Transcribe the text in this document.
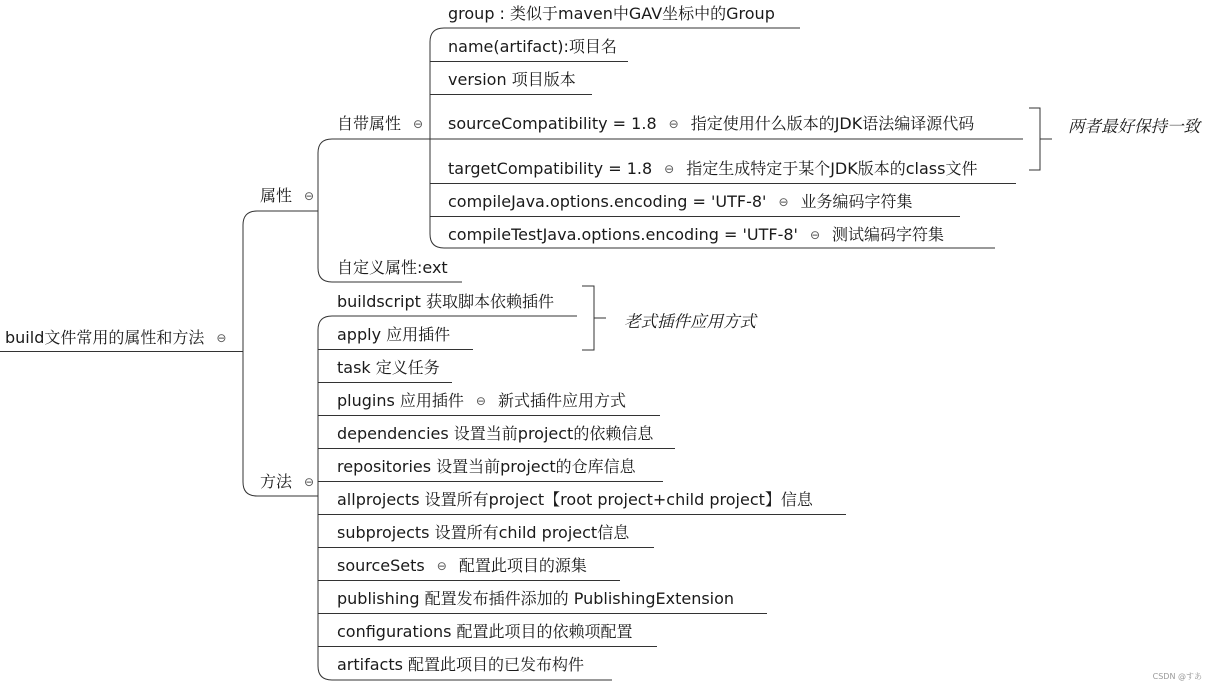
build文件常用的属性和方法 ⊖
属性 ⊖
自带属性 ⊖
group : 类似于maven中GAV坐标中的Group
name(artifact):项目名
version 项目版本
sourceCompatibility = 1.8 ⊖ 指定使用什么版本的JDK语法编译源代码
targetCompatibility = 1.8 ⊖ 指定生成特定于某个JDK版本的class文件
compileJava.options.encoding = 'UTF-8' ⊖ 业务编码字符集
compileTestJava.options.encoding = 'UTF-8' ⊖ 测试编码字符集
两者最好保持一致
自定义属性:ext
方法 ⊖
buildscript 获取脚本依赖插件
apply 应用插件
task 定义任务
plugins 应用插件 ⊖ 新式插件应用方式
dependencies 设置当前project的依赖信息
repositories 设置当前project的仓库信息
allprojects 设置所有project【root project+child project】信息
subprojects 设置所有child project信息
sourceSets ⊖ 配置此项目的源集
publishing 配置发布插件添加的 PublishingExtension
configurations 配置此项目的依赖项配置
artifacts 配置此项目的已发布构件
老式插件应用方式
CSDN @すあ
